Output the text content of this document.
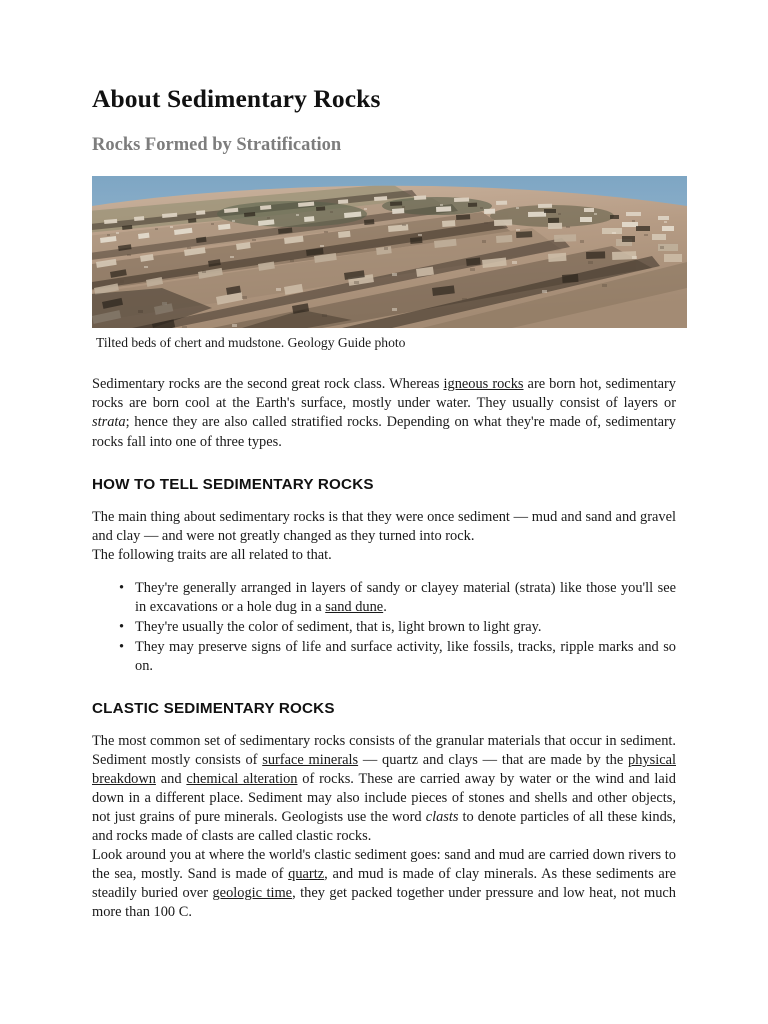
About Sedimentary Rocks
Rocks Formed by Stratification
Tilted beds of chert and mudstone. Geology Guide photo

Sedimentary rocks are the second great rock class. Whereas igneous rocks are born hot, sedimentary rocks are born cool at the Earth's surface, mostly under water. They usually consist of layers or strata; hence they are also called stratified rocks. Depending on what they're made of, sedimentary rocks fall into one of three types.

HOW TO TELL SEDIMENTARY ROCKS

The main thing about sedimentary rocks is that they were once sediment — mud and sand and gravel and clay — and were not greatly changed as they turned into rock.

The following traits are all related to that.

• They're generally arranged in layers of sandy or clayey material (strata) like those you'll see in excavations or a hole dug in a sand dune.
• They're usually the color of sediment, that is, light brown to light gray.
• They may preserve signs of life and surface activity, like fossils, tracks, ripple marks and so on.
CLASTIC SEDIMENTARY ROCKS

The most common set of sedimentary rocks consists of the granular materials that occur in sediment. Sediment mostly consists of surface minerals — quartz and clays — that are made by the physical breakdown and chemical alteration of rocks. These are carried away by water or the wind and laid down in a different place. Sediment may also include pieces of stones and shells and other objects, not just grains of pure minerals. Geologists use the word clasts to denote particles of all these kinds, and rocks made of clasts are called clastic rocks.

Look around you at where the world's clastic sediment goes: sand and mud are carried down rivers to the sea, mostly. Sand is made of quartz, and mud is made of clay minerals. As these sediments are steadily buried over geologic time, they get packed together under pressure and low heat, not much more than 100 C.
